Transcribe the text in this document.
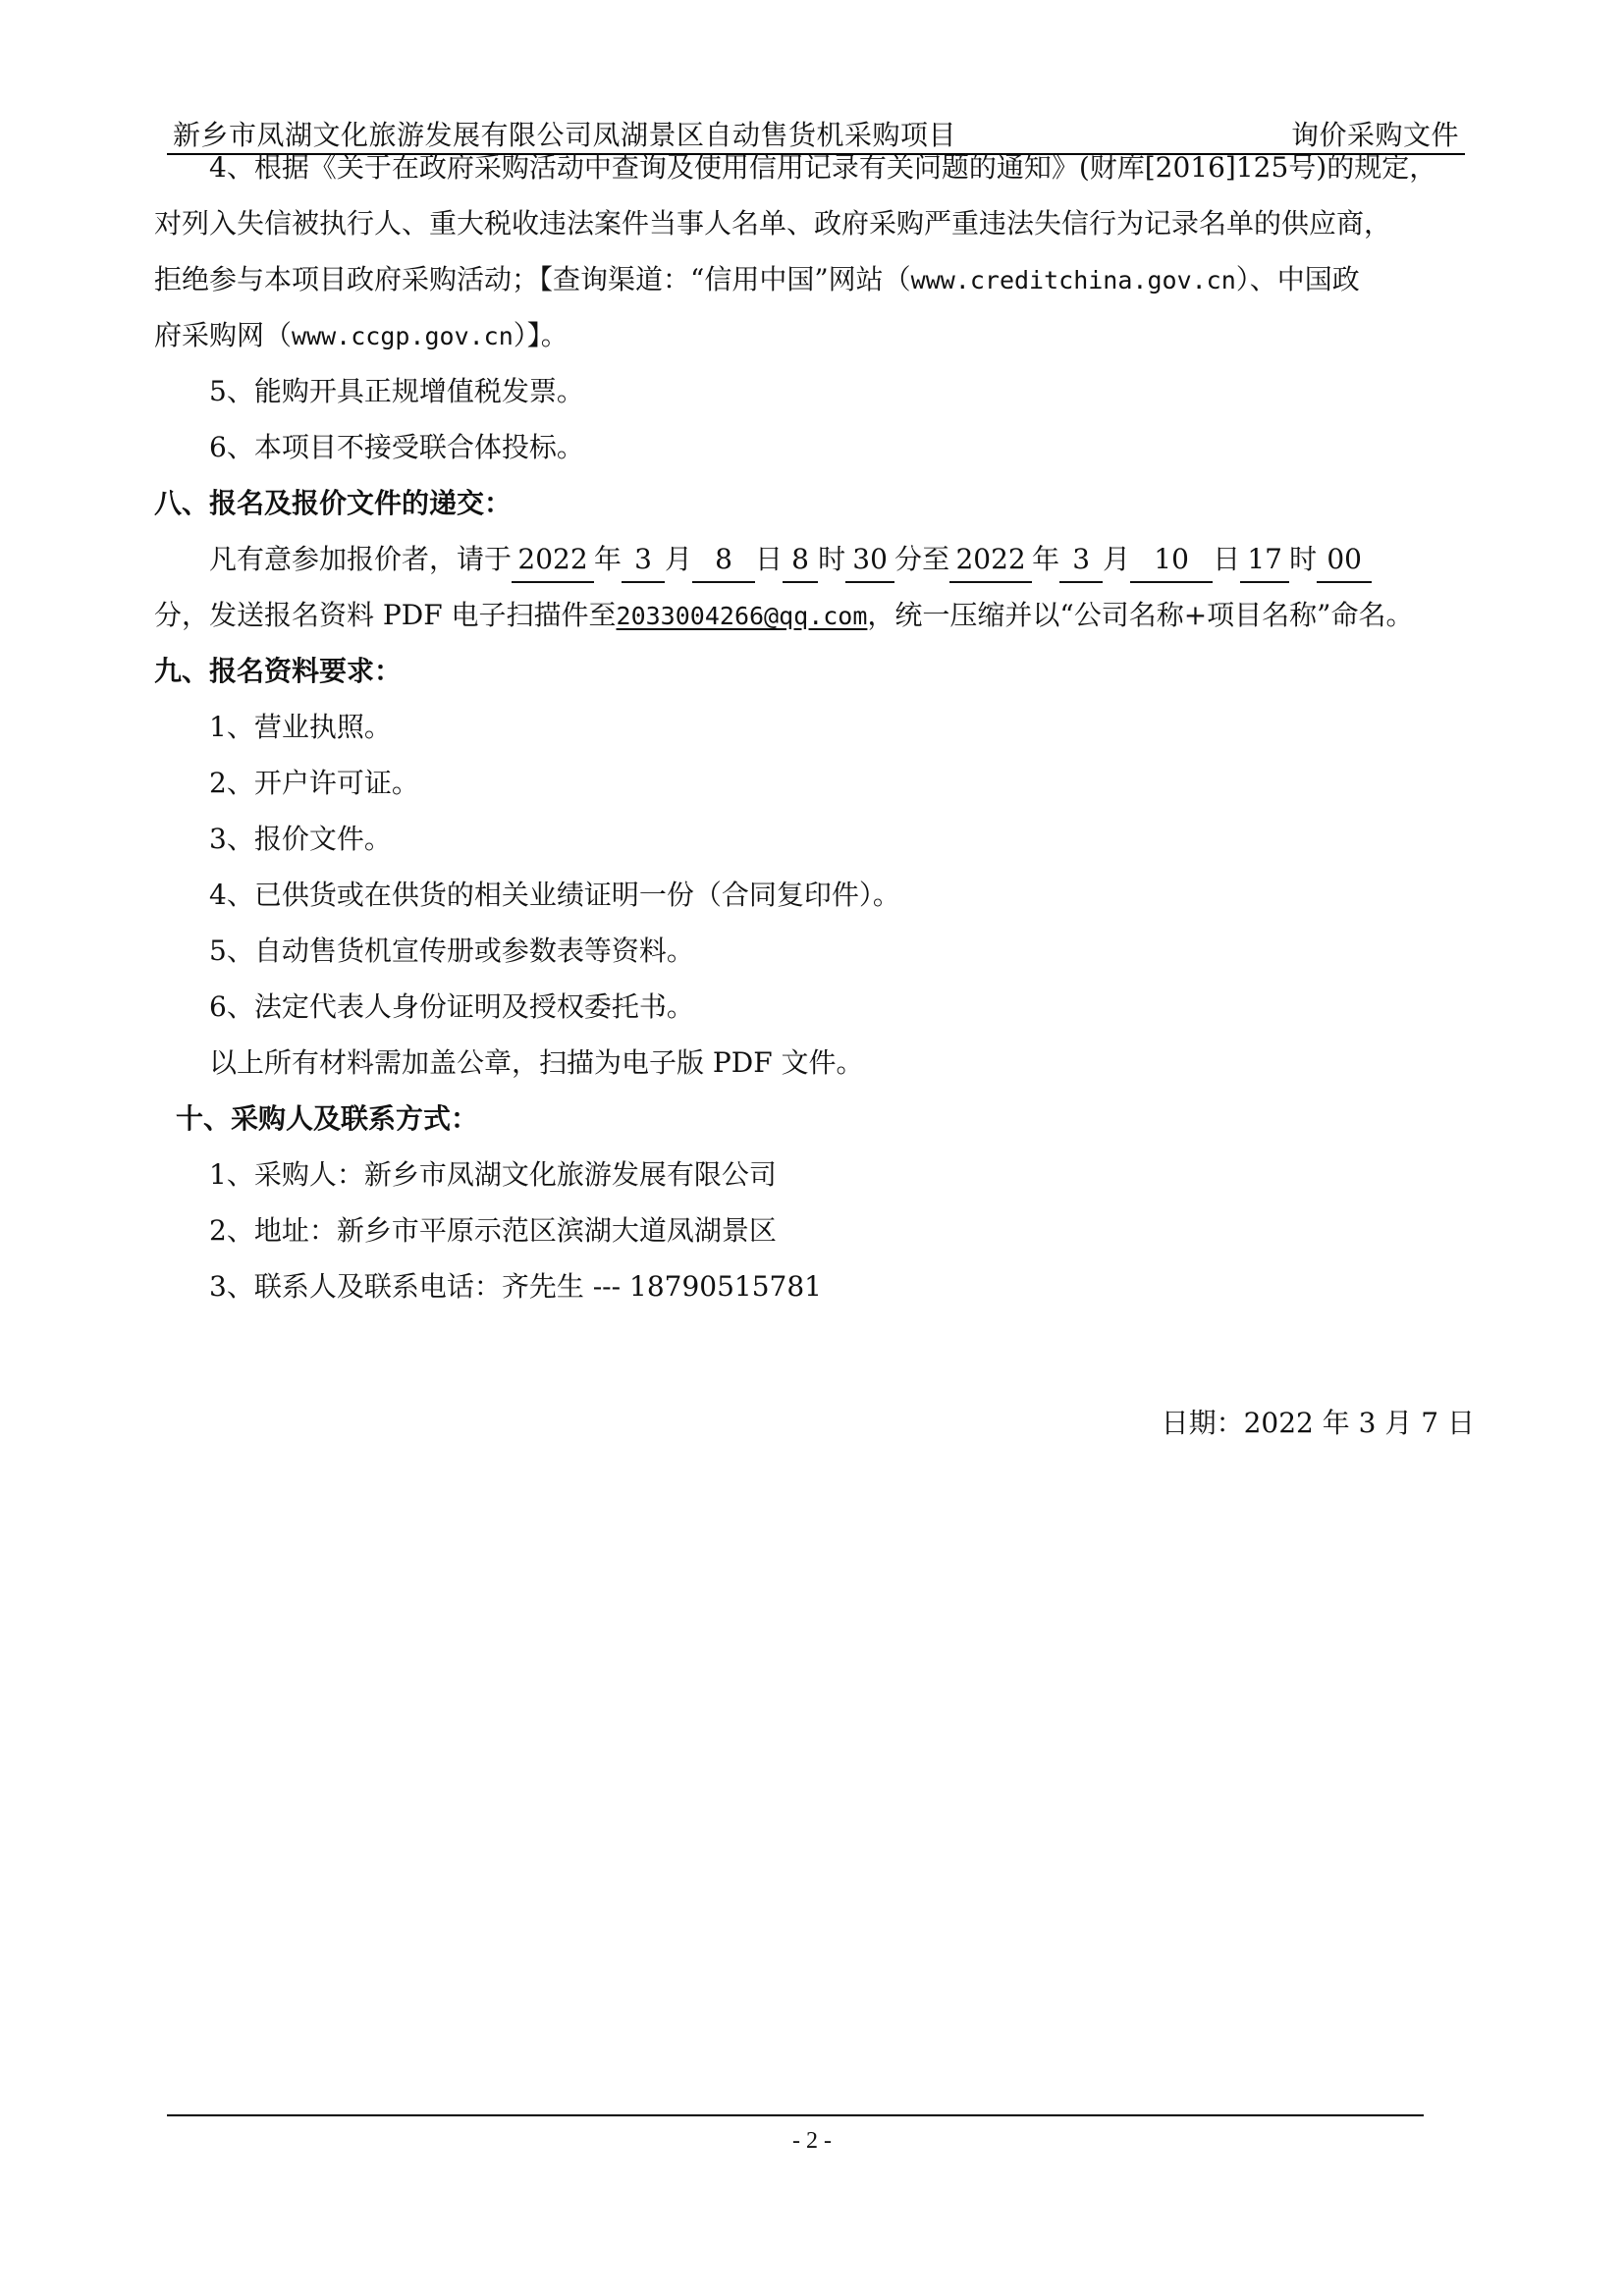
新乡市凤湖文化旅游发展有限公司凤湖景区自动售货机采购项目	询价采购文件
4、根据《关于在政府采购活动中查询及使用信用记录有关问题的通知》(财库[2016]125号)的规定，
对列入失信被执行人、重大税收违法案件当事人名单、政府采购严重违法失信行为记录名单的供应商，
拒绝参与本项目政府采购活动；【查询渠道：“信用中国”网站（www.creditchina.gov.cn）、中国政
府采购网（www.ccgp.gov.cn）】。
5、能购开具正规增值税发票。
6、本项目不接受联合体投标。
八、报名及报价文件的递交：
凡有意参加报价者，请于 2022 年 3 月 8 日 8 时 30 分至 2022 年 3 月 10 日 17 时 00
分，发送报名资料 PDF 电子扫描件至2033004266@qq.com，统一压缩并以“公司名称+项目名称”命名。
九、报名资料要求：
1、营业执照。
2、开户许可证。
3、报价文件。
4、已供货或在供货的相关业绩证明一份（合同复印件）。
5、自动售货机宣传册或参数表等资料。
6、法定代表人身份证明及授权委托书。
以上所有材料需加盖公章，扫描为电子版 PDF 文件。
十、采购人及联系方式：
1、采购人：新乡市凤湖文化旅游发展有限公司
2、地址：新乡市平原示范区滨湖大道凤湖景区
3、联系人及联系电话：齐先生 --- 18790515781
日期：2022 年 3 月 7 日
- 2 -
